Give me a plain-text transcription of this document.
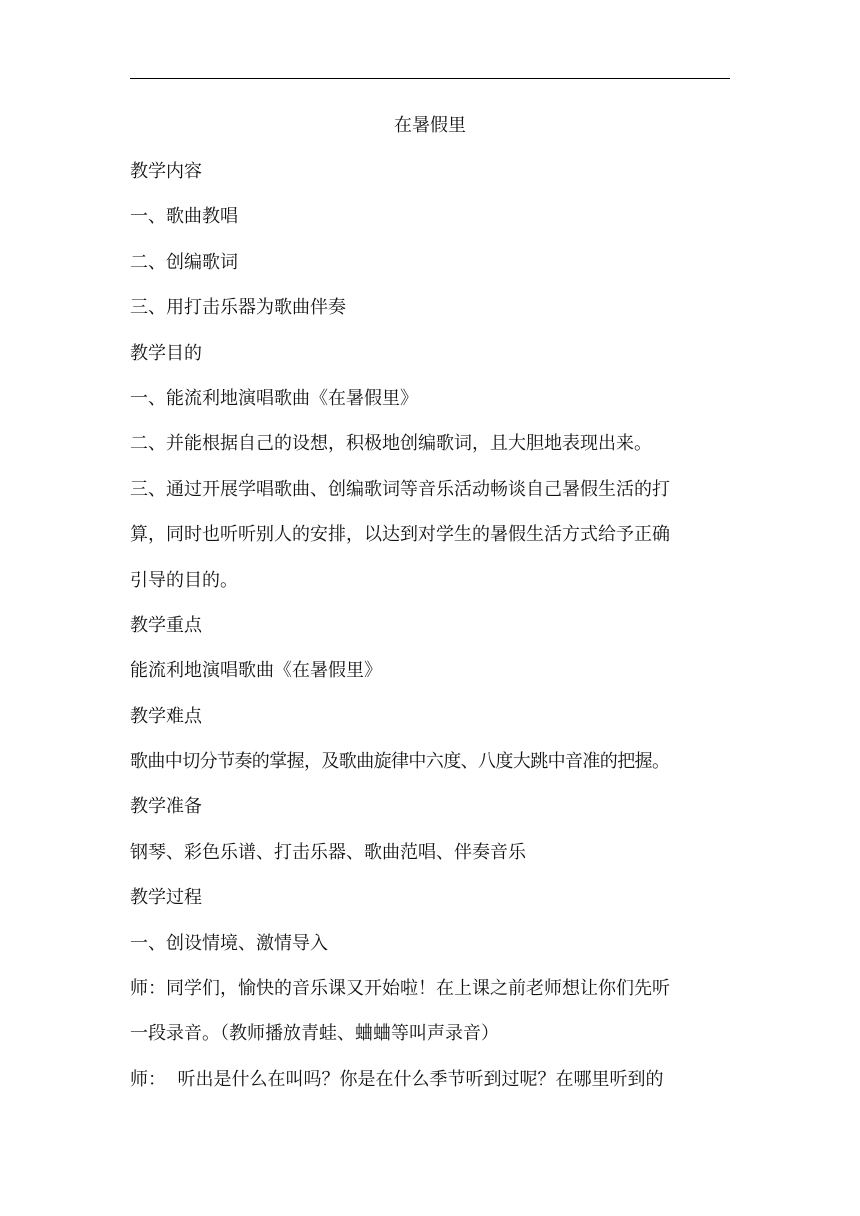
在暑假里
教学内容
一、歌曲教唱
二、创编歌词
三、用打击乐器为歌曲伴奏
教学目的
一、能流利地演唱歌曲《在暑假里》
二、并能根据自己的设想，积极地创编歌词，且大胆地表现出来。
三、通过开展学唱歌曲、创编歌词等音乐活动畅谈自己暑假生活的打
算，同时也听听别人的安排，以达到对学生的暑假生活方式给予正确
引导的目的。
教学重点
能流利地演唱歌曲《在暑假里》
教学难点
歌曲中切分节奏的掌握，及歌曲旋律中六度、八度大跳中音准的把握。
教学准备
钢琴、彩色乐谱、打击乐器、歌曲范唱、伴奏音乐
教学过程
一、创设情境、激情导入
师：同学们，愉快的音乐课又开始啦！在上课之前老师想让你们先听
一段录音。（教师播放青蛙、蛐蛐等叫声录音）
师：  听出是什么在叫吗？你是在什么季节听到过呢？在哪里听到的
